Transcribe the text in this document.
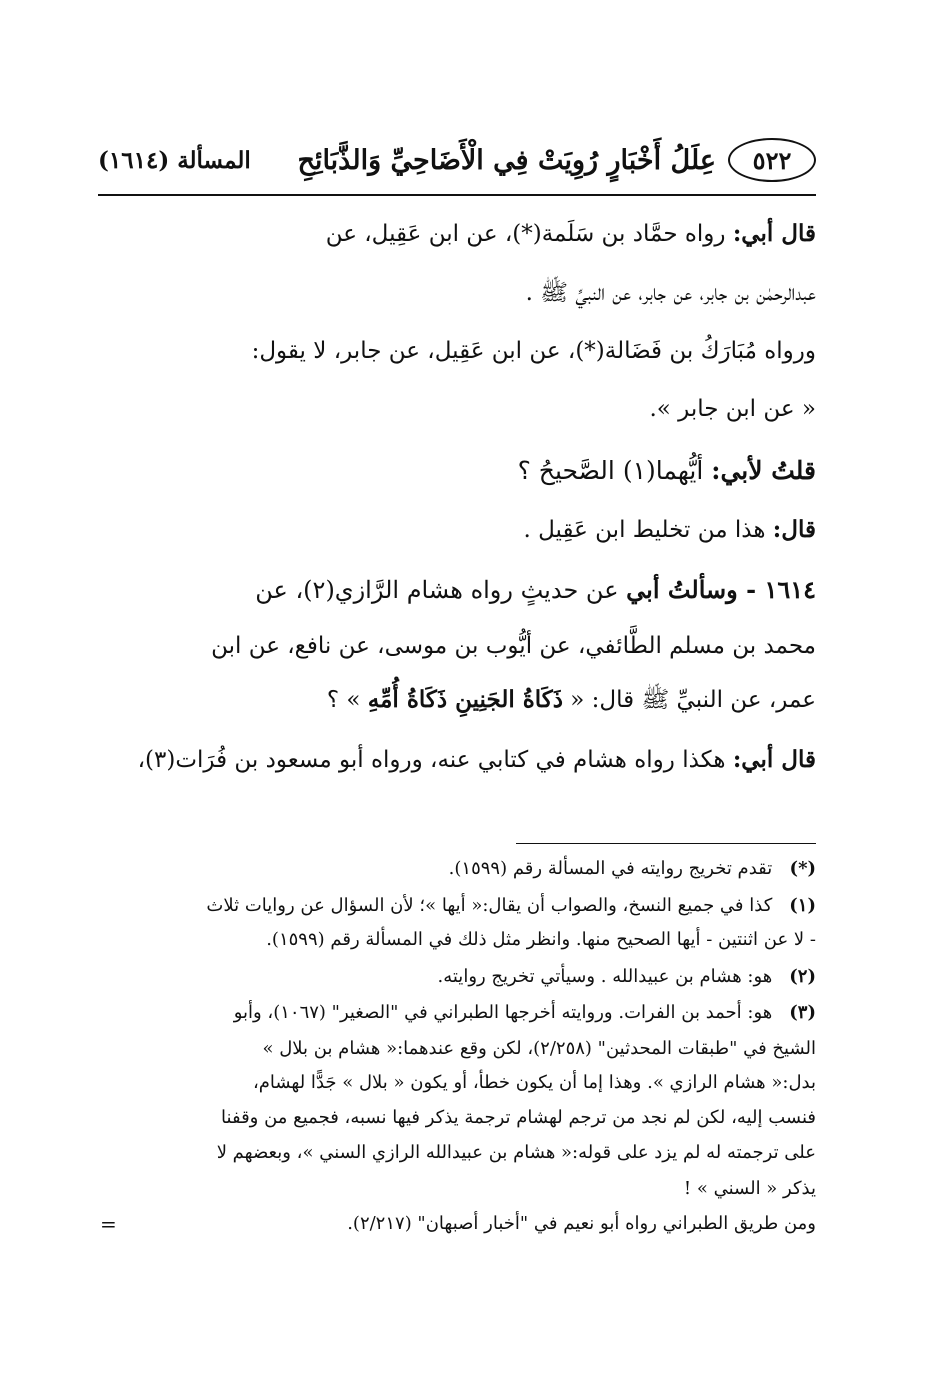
٥٢٢
عِلَلُ أَخْبَارٍ رُوِيَتْ فِي الْأَضَاحِيِّ وَالذَّبَائِحِ
المسألة (١٦١٤)
قال أبي: رواه حمَّاد بن سَلَمة(*)، عن ابن عَقِيل، عن
عبدالرحمٰن بن جابر، عن جابر، عن النبيِّ ﷺ .
ورواه مُبَارَكُ بن فَضَالة(*)، عن ابن عَقِيل، عن جابر، لا يقول:
« عن ابن جابر ».
قلتُ لأبي: أيُّهما(١) الصَّحيحُ ؟
قال: هذا من تخليط ابن عَقِيل .
١٦١٤ - وسألتُ أبي عن حديثٍ رواه هشام الرَّازي(٢)، عن
محمد بن مسلم الطَّائفي، عن أيُّوب بن موسى، عن نافع، عن ابن
عمر، عن النبيِّ ﷺ قال: « ذَكَاةُ الجَنِينِ ذَكَاةُ أُمِّهِ » ؟
قال أبي: هكذا رواه هشام في كتابي عنه، ورواه أبو مسعود بن فُرَات(٣)،
(*) تقدم تخريج روايته في المسألة رقم (١٥٩٩).
(١) كذا في جميع النسخ، والصواب أن يقال:« أيها »؛ لأن السؤال عن روايات ثلاث
- لا عن اثنتين - أيها الصحيح منها. وانظر مثل ذلك في المسألة رقم (١٥٩٩).
(٢) هو: هشام بن عبيدالله . وسيأتي تخريج روايته.
(٣) هو: أحمد بن الفرات. وروايته أخرجها الطبراني في "الصغير" (١٠٦٧)، وأبو
الشيخ في "طبقات المحدثين" (٢/٢٥٨)، لكن وقع عندهما:« هشام بن بلال »
بدل:« هشام الرازي ». وهذا إما أن يكون خطأ، أو يكون « بلال » جَدًّا لهشام،
فنسب إليه، لكن لم نجد من ترجم لهشام ترجمة يذكر فيها نسبه، فجميع من وقفنا
على ترجمته له لم يزد على قوله:« هشام بن عبيدالله الرازي السني »، وبعضهم لا
يذكر « السني » !
ومن طريق الطبراني رواه أبو نعيم في "أخبار أصبهان" (٢/٢١٧).
=
